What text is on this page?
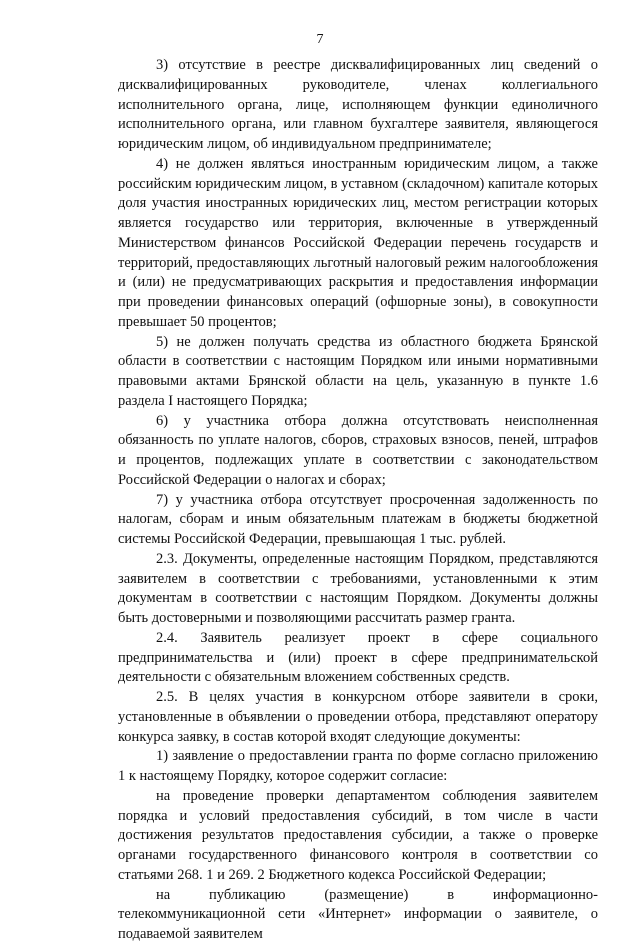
7

3) отсутствие в реестре дисквалифицированных лиц сведений о дисквалифицированных руководителе, членах коллегиального исполнительного органа, лице, исполняющем функции единоличного исполнительного органа, или главном бухгалтере заявителя, являющегося юридическим лицом, об индивидуальном предпринимателе;

4) не должен являться иностранным юридическим лицом, а также российским юридическим лицом, в уставном (складочном) капитале которых доля участия иностранных юридических лиц, местом регистрации которых является государство или территория, включенные в утвержденный Министерством финансов Российской Федерации перечень государств и территорий, предоставляющих льготный налоговый режим налогообложения и (или) не предусматривающих раскрытия и предоставления информации при проведении финансовых операций (офшорные зоны), в совокупности превышает 50 процентов;

5) не должен получать средства из областного бюджета Брянской области в соответствии с настоящим Порядком или иными нормативными правовыми актами Брянской области на цель, указанную в пункте 1.6 раздела I настоящего Порядка;

6) у участника отбора должна отсутствовать неисполненная обязанность по уплате налогов, сборов, страховых взносов, пеней, штрафов и процентов, подлежащих уплате в соответствии с законодательством Российской Федерации о налогах и сборах;

7) у участника отбора отсутствует просроченная задолженность по налогам, сборам и иным обязательным платежам в бюджеты бюджетной системы Российской Федерации, превышающая 1 тыс. рублей.

2.3. Документы, определенные настоящим Порядком, представляются заявителем в соответствии с требованиями, установленными к этим документам в соответствии с настоящим Порядком. Документы должны быть достоверными и позволяющими рассчитать размер гранта.

2.4. Заявитель реализует проект в сфере социального предпринимательства и (или) проект в сфере предпринимательской деятельности с обязательным вложением собственных средств.

2.5. В целях участия в конкурсном отборе заявители в сроки, установленные в объявлении о проведении отбора, представляют оператору конкурса заявку, в состав которой входят следующие документы:

1) заявление о предоставлении гранта по форме согласно приложению 1 к настоящему Порядку, которое содержит согласие:

на проведение проверки департаментом соблюдения заявителем порядка и условий предоставления субсидий, в том числе в части достижения результатов предоставления субсидии, а также о проверке органами государственного финансового контроля в соответствии со статьями 268. 1 и 269. 2 Бюджетного кодекса Российской Федерации;

на публикацию (размещение) в информационно-телекоммуникационной сети «Интернет» информации о заявителе, о подаваемой заявителем
